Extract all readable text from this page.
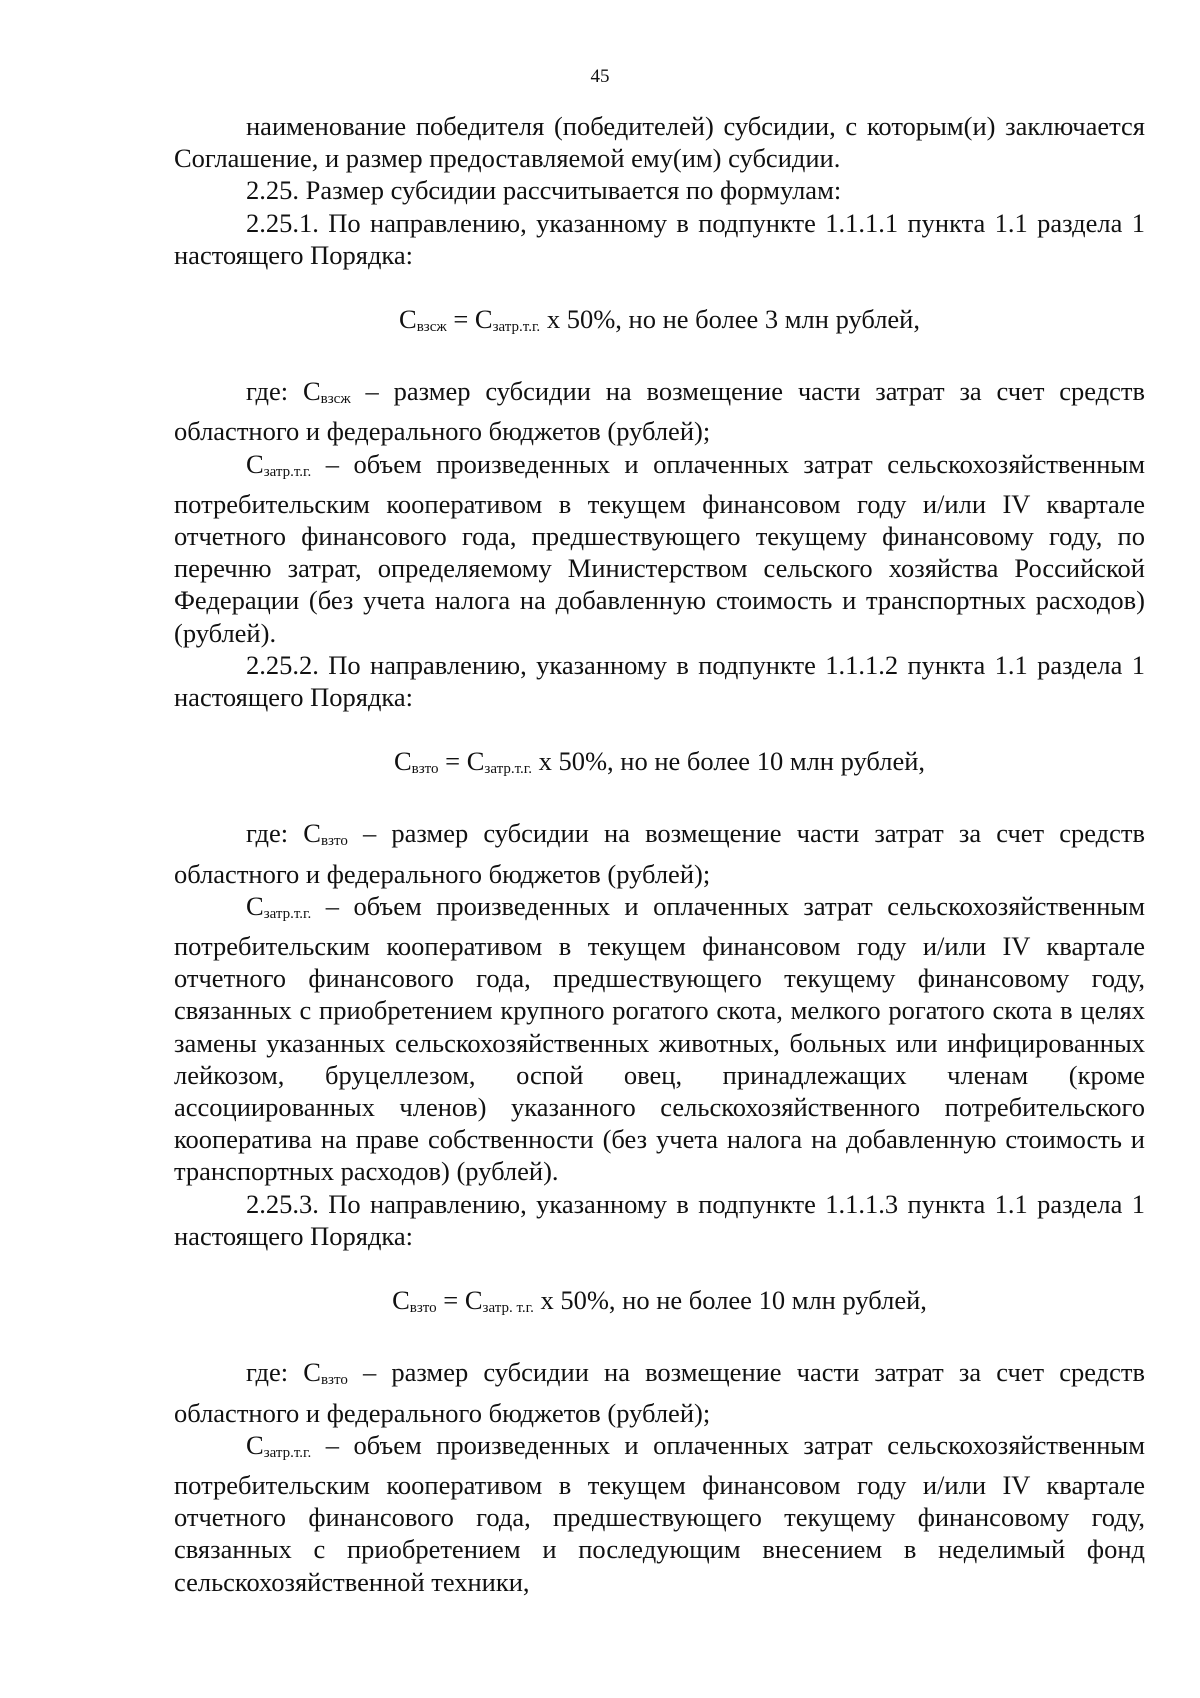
45

наименование победителя (победителей) субсидии, с которым(и) заключается Соглашение, и размер предоставляемой ему(им) субсидии.

2.25. Размер субсидии рассчитывается по формулам:

2.25.1. По направлению, указанному в подпункте 1.1.1.1 пункта 1.1 раздела 1 настоящего Порядка:

$С_{взсж} = С_{затр.т.г.}$ х 50%, но не более 3 млн рублей,

где: $С_{взсж}$ – размер субсидии на возмещение части затрат за счет средств областного и федерального бюджетов (рублей);

$С_{затр.т.г.}$ – объем произведенных и оплаченных затрат сельскохозяйственным потребительским кооперативом в текущем финансовом году и/или IV квартале отчетного финансового года, предшествующего текущему финансовому году, по перечню затрат, определяемому Министерством сельского хозяйства Российской Федерации (без учета налога на добавленную стоимость и транспортных расходов) (рублей).

2.25.2. По направлению, указанному в подпункте 1.1.1.2 пункта 1.1 раздела 1 настоящего Порядка:

$С_{взто} = С_{затр.т.г.}$ х 50%, но не более 10 млн рублей,

где: $С_{взто}$ – размер субсидии на возмещение части затрат за счет средств областного и федерального бюджетов (рублей);

$С_{затр.т.г.}$ – объем произведенных и оплаченных затрат сельскохозяйственным потребительским кооперативом в текущем финансовом году и/или IV квартале отчетного финансового года, предшествующего текущему финансовому году, связанных с приобретением крупного рогатого скота, мелкого рогатого скота в целях замены указанных сельскохозяйственных животных, больных или инфицированных лейкозом, бруцеллезом, оспой овец, принадлежащих членам (кроме ассоциированных членов) указанного сельскохозяйственного потребительского кооператива на праве собственности (без учета налога на добавленную стоимость и транспортных расходов) (рублей).

2.25.3. По направлению, указанному в подпункте 1.1.1.3 пункта 1.1 раздела 1 настоящего Порядка:

$С_{взто} = С_{затр. т.г.}$ х 50%, но не более 10 млн рублей,

где: $С_{взто}$ – размер субсидии на возмещение части затрат за счет средств областного и федерального бюджетов (рублей);

$С_{затр.т.г.}$ – объем произведенных и оплаченных затрат сельскохозяйственным потребительским кооперативом в текущем финансовом году и/или IV квартале отчетного финансового года, предшествующего текущему финансовому году, связанных с приобретением и последующим внесением в неделимый фонд сельскохозяйственной техники,
